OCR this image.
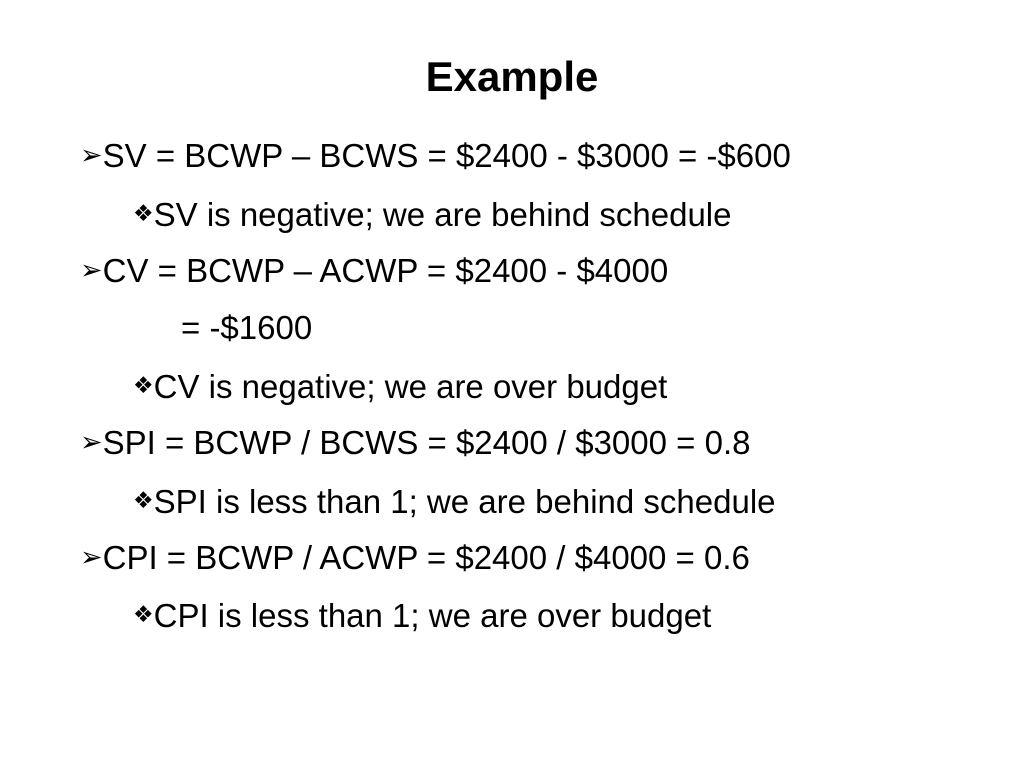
Example
➢SV = BCWP – BCWS = $2400 - $3000 = -$600
❖SV is negative; we are behind schedule
➢CV = BCWP – ACWP = $2400 - $4000
= -$1600
❖CV is negative; we are over budget
➢SPI = BCWP / BCWS = $2400 / $3000 = 0.8
❖SPI is less than 1; we are behind schedule
➢CPI = BCWP / ACWP = $2400 / $4000 = 0.6
❖CPI is less than 1; we are over budget
